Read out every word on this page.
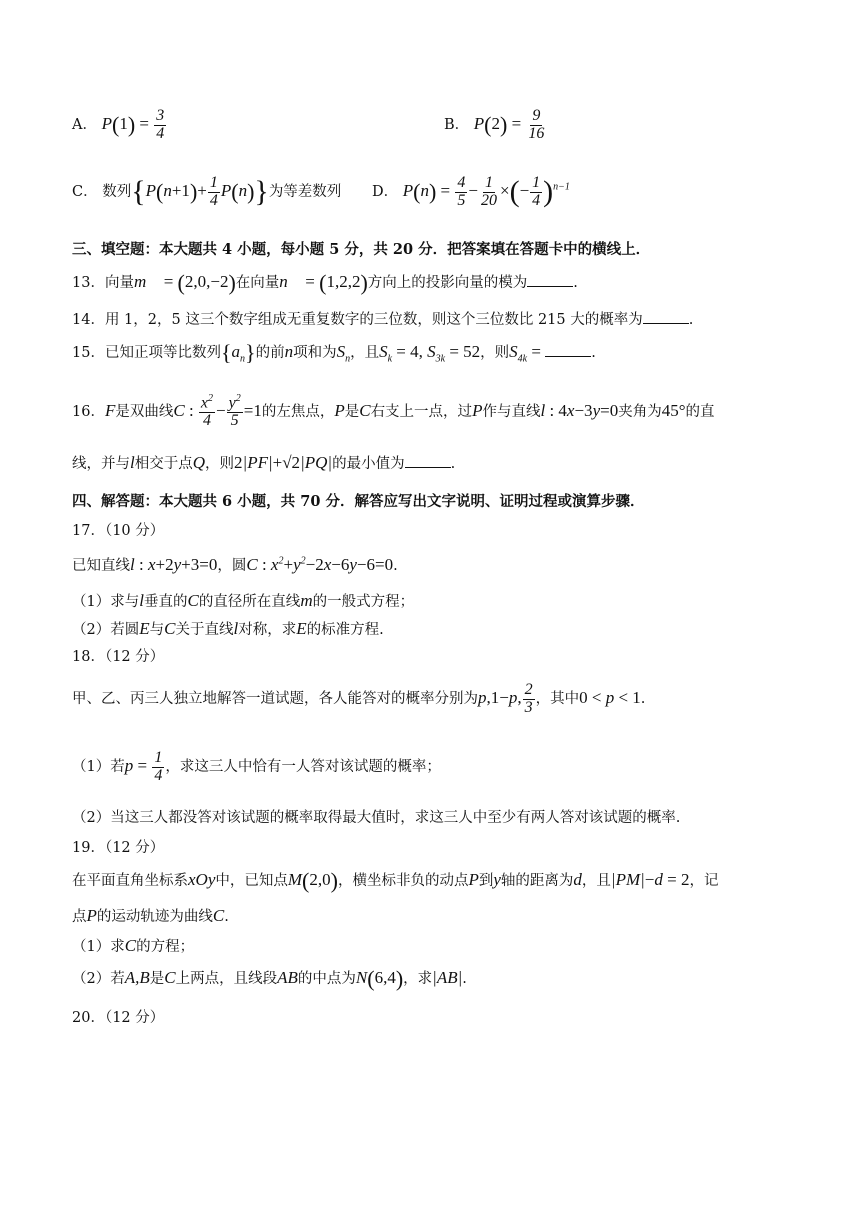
A． $P(1) = \frac{3}{4}$	B． $P(2) = \frac{9}{16}$
C． 数列$\{P(n+1)+ \frac{1}{4} P(n)\}$为等差数列 D． $P(n) = \frac{4}{5} - \frac{1}{20}$ ×(− $\frac{1}{4} )^{n-1}$
三、填空题：本大题共 4 小题，每小题 5 分，共 20 分．把答案填在答题卡中的横线上．
13．向量m⃗ = (2,0,−2)在向量n⃗ = (1,2,2)方向上的投影向量的模为	.
14．用 1，2，5 这三个数字组成无重复数字的三位数，则这个三位数比 215 大的概率为	.
15．已知正项等比数列$\{a_n\}$的前n项和为$S_n$，且$S_k = 4$, $S_{3k} = 52$，则$S_{4k}$ =	.
16．F是双曲线C : $\frac{x^2}{4} - \frac{y^2}{5} =1$的左焦点，P是C右支上一点，过P作与直线l : 4x−3y=0夹角为45°的直
线，并与l相交于点Q，则2|PF|+√2|PQ|的最小值为	.
四、解答题：本大题共 6 小题，共 70 分．解答应写出文字说明、证明过程或演算步骤．
17．（10 分）
已知直线l : x+2y+3=0，圆C : $x^2+y^2-2x-6y-6=0$.
（1）求与l垂直的C的直径所在直线m的一般式方程；
（2）若圆E与C关于直线l对称，求E的标准方程.
18．（12 分）
甲、乙、丙三人独立地解答一道试题，各人能答对的概率分别为p,1−p, $\frac{2}{3}$ ，其中0 < p < 1.
（1）若$p = \frac{1}{4}$ ，求这三人中恰有一人答对该试题的概率；
（2）当这三人都没答对该试题的概率取得最大值时，求这三人中至少有两人答对该试题的概率.
19．（12 分）
在平面直角坐标系xOy中，已知点M(2,0)，横坐标非负的动点P到y轴的距离为d，且|PM|−d = 2，记
点P的运动轨迹为曲线C.
（1）求C的方程；
（2）若A,B是C上两点，且线段AB的中点为N(6,4)，求|AB|.
20．（12 分）
